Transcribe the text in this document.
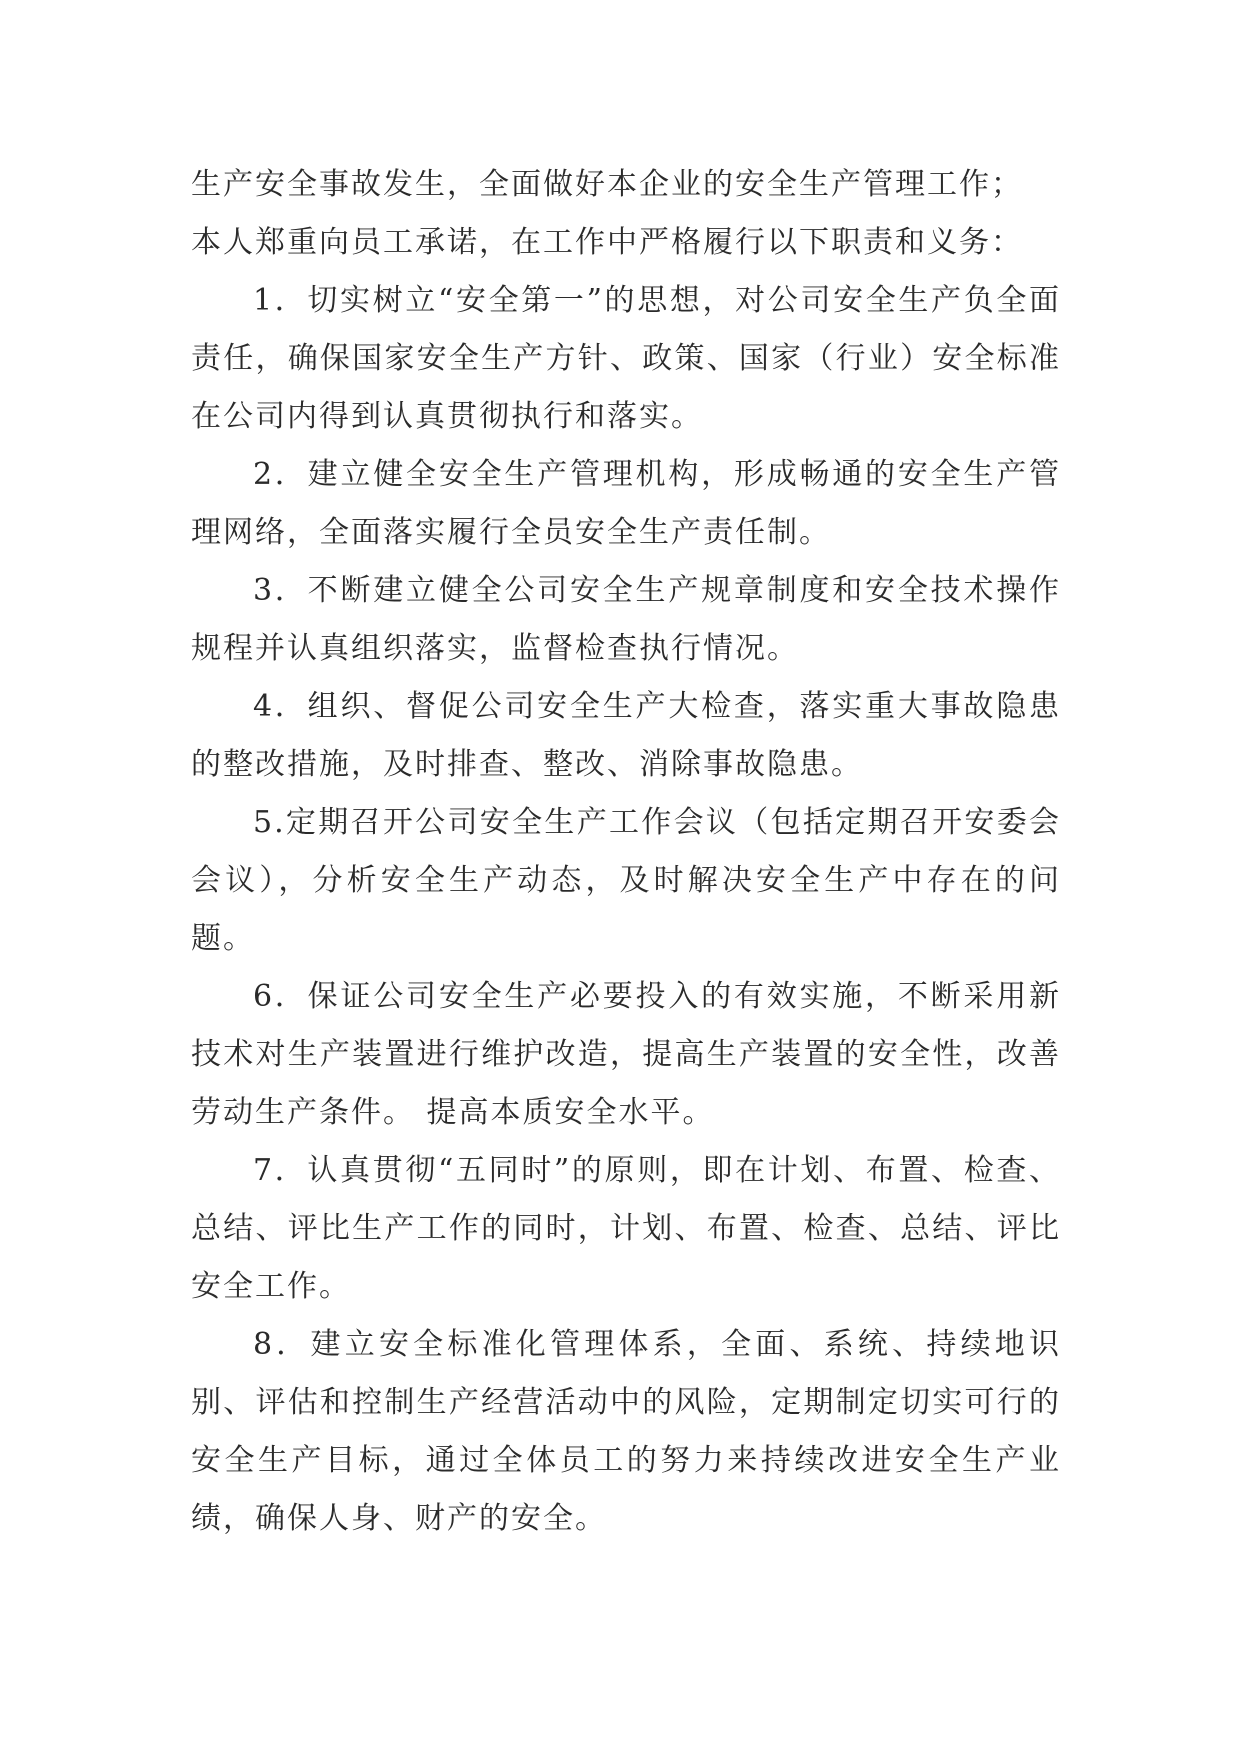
生产安全事故发生，全面做好本企业的安全生产管理工作；

本人郑重向员工承诺，在工作中严格履行以下职责和义务：

1．切实树立“安全第一”的思想，对公司安全生产负全面责任，确保国家安全生产方针、政策、国家（行业）安全标准在公司内得到认真贯彻执行和落实。

2．建立健全安全生产管理机构，形成畅通的安全生产管理网络，全面落实履行全员安全生产责任制。

3．不断建立健全公司安全生产规章制度和安全技术操作规程并认真组织落实，监督检查执行情况。

4．组织、督促公司安全生产大检查，落实重大事故隐患的整改措施，及时排查、整改、消除事故隐患。

5.定期召开公司安全生产工作会议（包括定期召开安委会会议），分析安全生产动态，及时解决安全生产中存在的问题。

6．保证公司安全生产必要投入的有效实施，不断采用新技术对生产装置进行维护改造，提高生产装置的安全性，改善劳动生产条件。 提高本质安全水平。

7．认真贯彻“五同时”的原则，即在计划、布置、检查、总结、评比生产工作的同时，计划、布置、检查、总结、评比安全工作。

8．建立安全标准化管理体系，全面、系统、持续地识别、评估和控制生产经营活动中的风险，定期制定切实可行的安全生产目标，通过全体员工的努力来持续改进安全生产业绩，确保人身、财产的安全。
